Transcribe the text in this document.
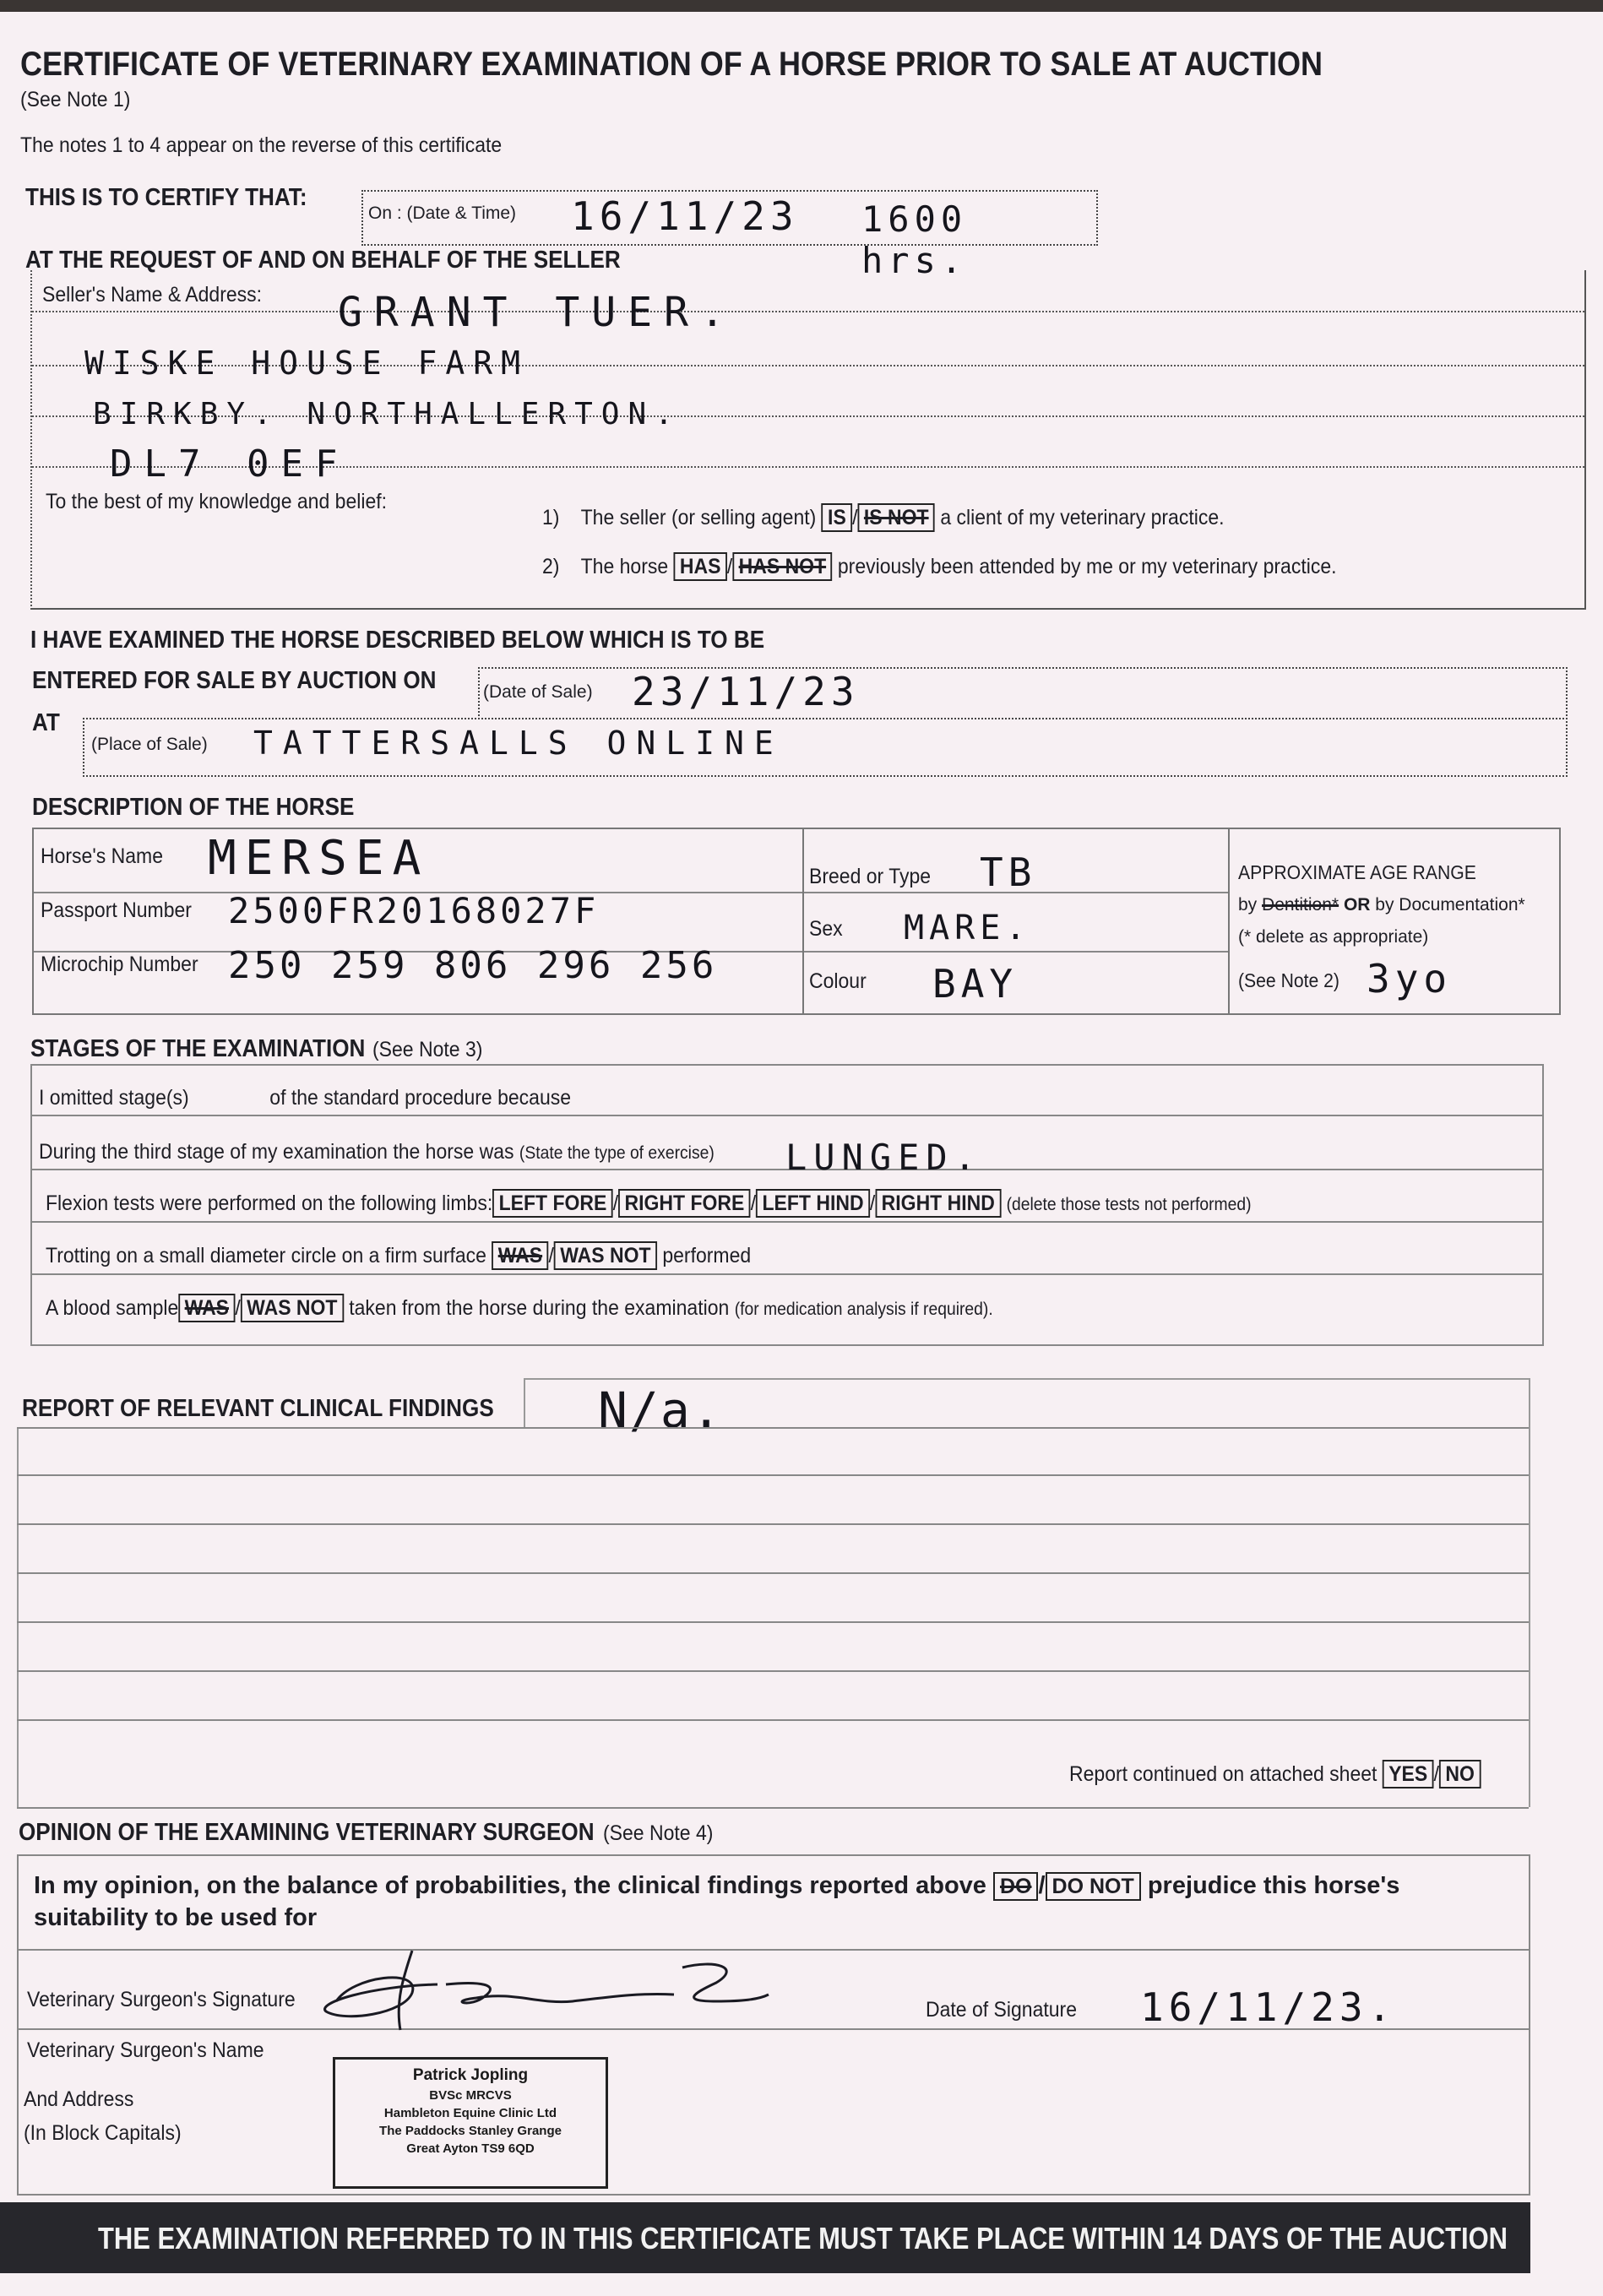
CERTIFICATE OF VETERINARY EXAMINATION OF A HORSE PRIOR TO SALE AT AUCTION
(See Note 1)
The notes 1 to 4 appear on the reverse of this certificate
THIS IS TO CERTIFY THAT:
On : (Date & Time) 16/11/23 1600 hrs.
AT THE REQUEST OF AND ON BEHALF OF THE SELLER
Seller's Name & Address: GRANT TUER.
WISKE HOUSE FARM
BIRKBY. NORTHALLERTON.
DL7 0EF
To the best of my knowledge and belief:
1) The seller (or selling agent) IS / IS NOT a client of my veterinary practice.
2) The horse HAS / HAS NOT previously been attended by me or my veterinary practice.
I HAVE EXAMINED THE HORSE DESCRIBED BELOW WHICH IS TO BE
ENTERED FOR SALE BY AUCTION ON	(Date of Sale) 23/11/23
AT
(Place of Sale) TATTERSALLS ONLINE
DESCRIPTION OF THE HORSE
Horse's Name MERSEA
Passport Number 2500FR20168027F
Microchip Number 250 259 806 296 256
Breed or Type TB
Sex MARE.
Colour BAY
APPROXIMATE AGE RANGE
by Dentition* OR by Documentation*
(* delete as appropriate)
(See Note 2) 3yo
STAGES OF THE EXAMINATION (See Note 3)
I omitted stage(s)	of the standard procedure because
During the third stage of my examination the horse was (State the type of exercise) LUNGED.
Flexion tests were performed on the following limbs: LEFT FORE / RIGHT FORE / LEFT HIND / RIGHT HIND (delete those tests not performed)
Trotting on a small diameter circle on a firm surface WAS / WAS NOT performed
A blood sample WAS / WAS NOT taken from the horse during the examination (for medication analysis if required).
REPORT OF RELEVANT CLINICAL FINDINGS N/a.
Report continued on attached sheet YES / NO
OPINION OF THE EXAMINING VETERINARY SURGEON (See Note 4)
In my opinion, on the balance of probabilities, the clinical findings reported above DO / DO NOT prejudice this horse's suitability to be used for
Veterinary Surgeon's Signature	Date of Signature 16/11/23.
Veterinary Surgeon's Name
And Address
(In Block Capitals)
Patrick Jopling
BVSc MRCVS
Hambleton Equine Clinic Ltd
The Paddocks Stanley Grange
Great Ayton TS9 6QD
THE EXAMINATION REFERRED TO IN THIS CERTIFICATE MUST TAKE PLACE WITHIN 14 DAYS OF THE AUCTION
